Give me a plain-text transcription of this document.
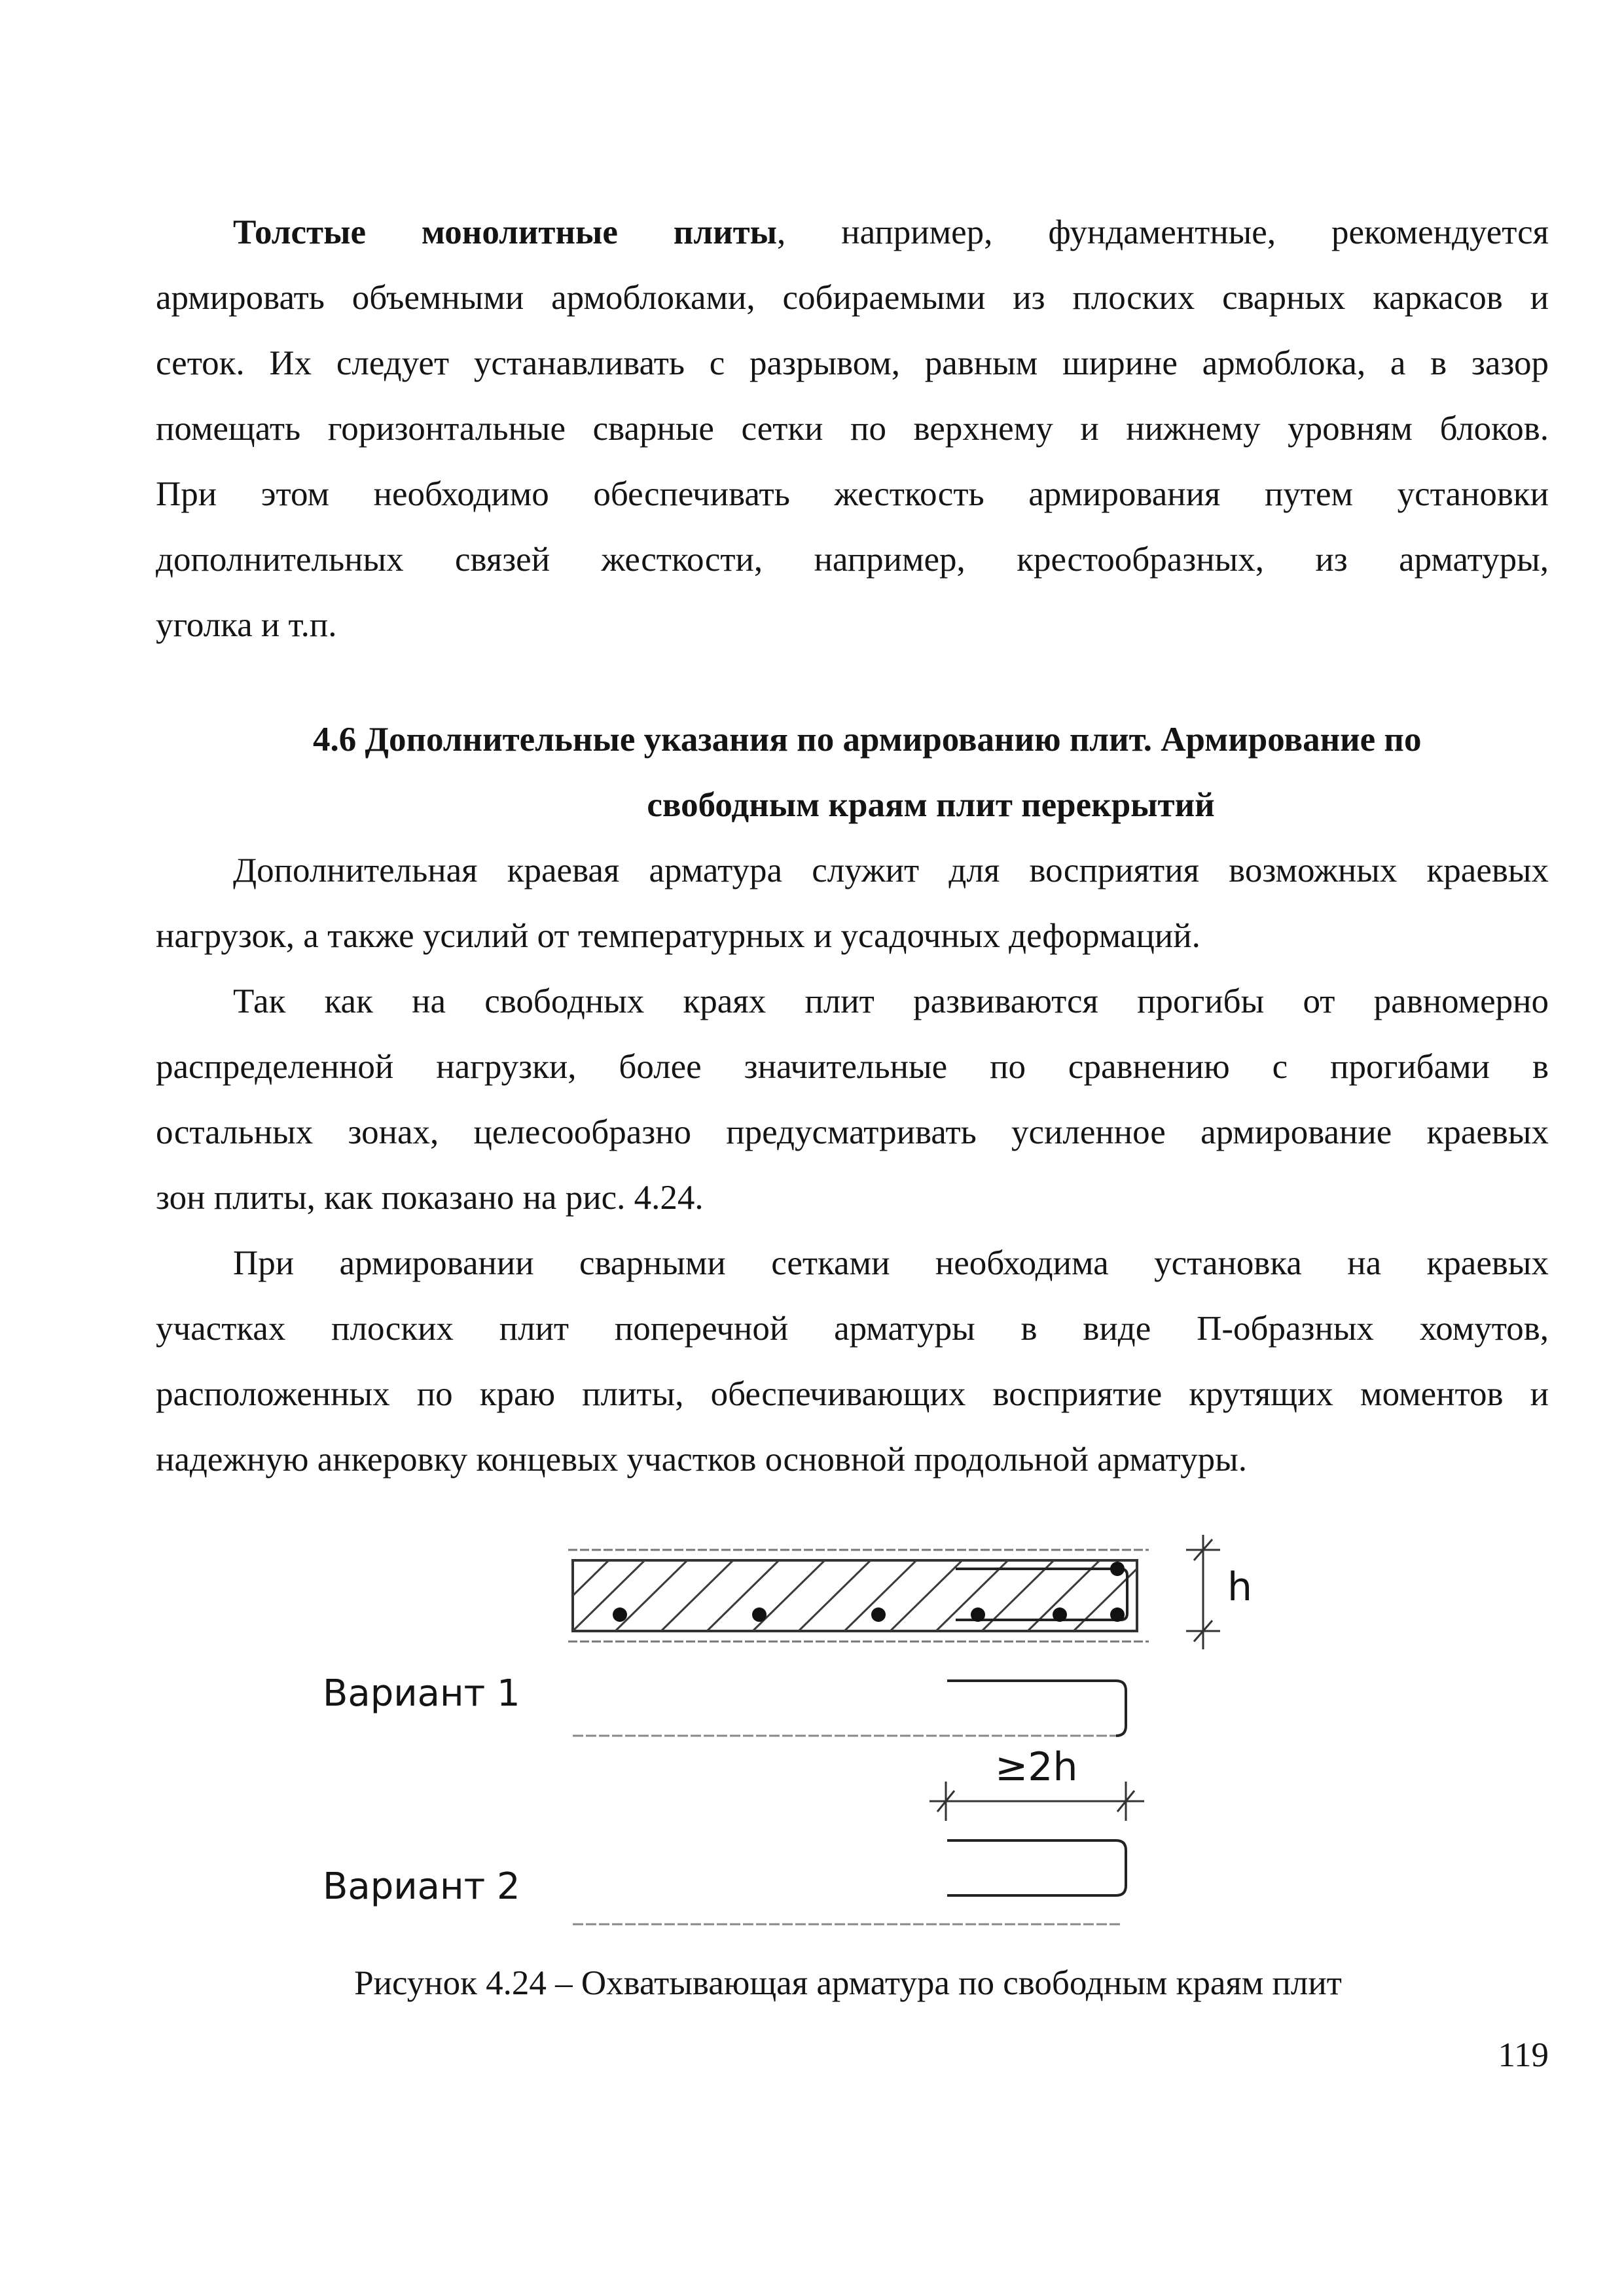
Толстые монолитные плиты, например, фундаментные, рекомендуется
армировать объемными армоблоками, собираемыми из плоских сварных каркасов и
сеток. Их следует устанавливать с разрывом, равным ширине армоблока, а в зазор
помещать горизонтальные сварные сетки по верхнему и нижнему уровням блоков.
При этом необходимо обеспечивать жесткость армирования путем установки
дополнительных связей жесткости, например, крестообразных, из арматуры,
уголка и т.п.
4.6 Дополнительные указания по армированию плит. Армирование по
свободным краям плит перекрытий
Дополнительная краевая арматура служит для восприятия возможных краевых
нагрузок, а также усилий от температурных и усадочных деформаций.
Так как на свободных краях плит развиваются прогибы от равномерно
распределенной нагрузки, более значительные по сравнению с прогибами в
остальных зонах, целесообразно предусматривать усиленное армирование краевых
зон плиты, как показано на рис. 4.24.
При армировании сварными сетками необходима установка на краевых
участках плоских плит поперечной арматуры в виде П-образных хомутов,
расположенных по краю плиты, обеспечивающих восприятие крутящих моментов и
надежную анкеровку концевых участков основной продольной арматуры.
h
≥2h
Вариант 1
Вариант 2
Рисунок 4.24 – Охватывающая арматура по свободным краям плит
119
